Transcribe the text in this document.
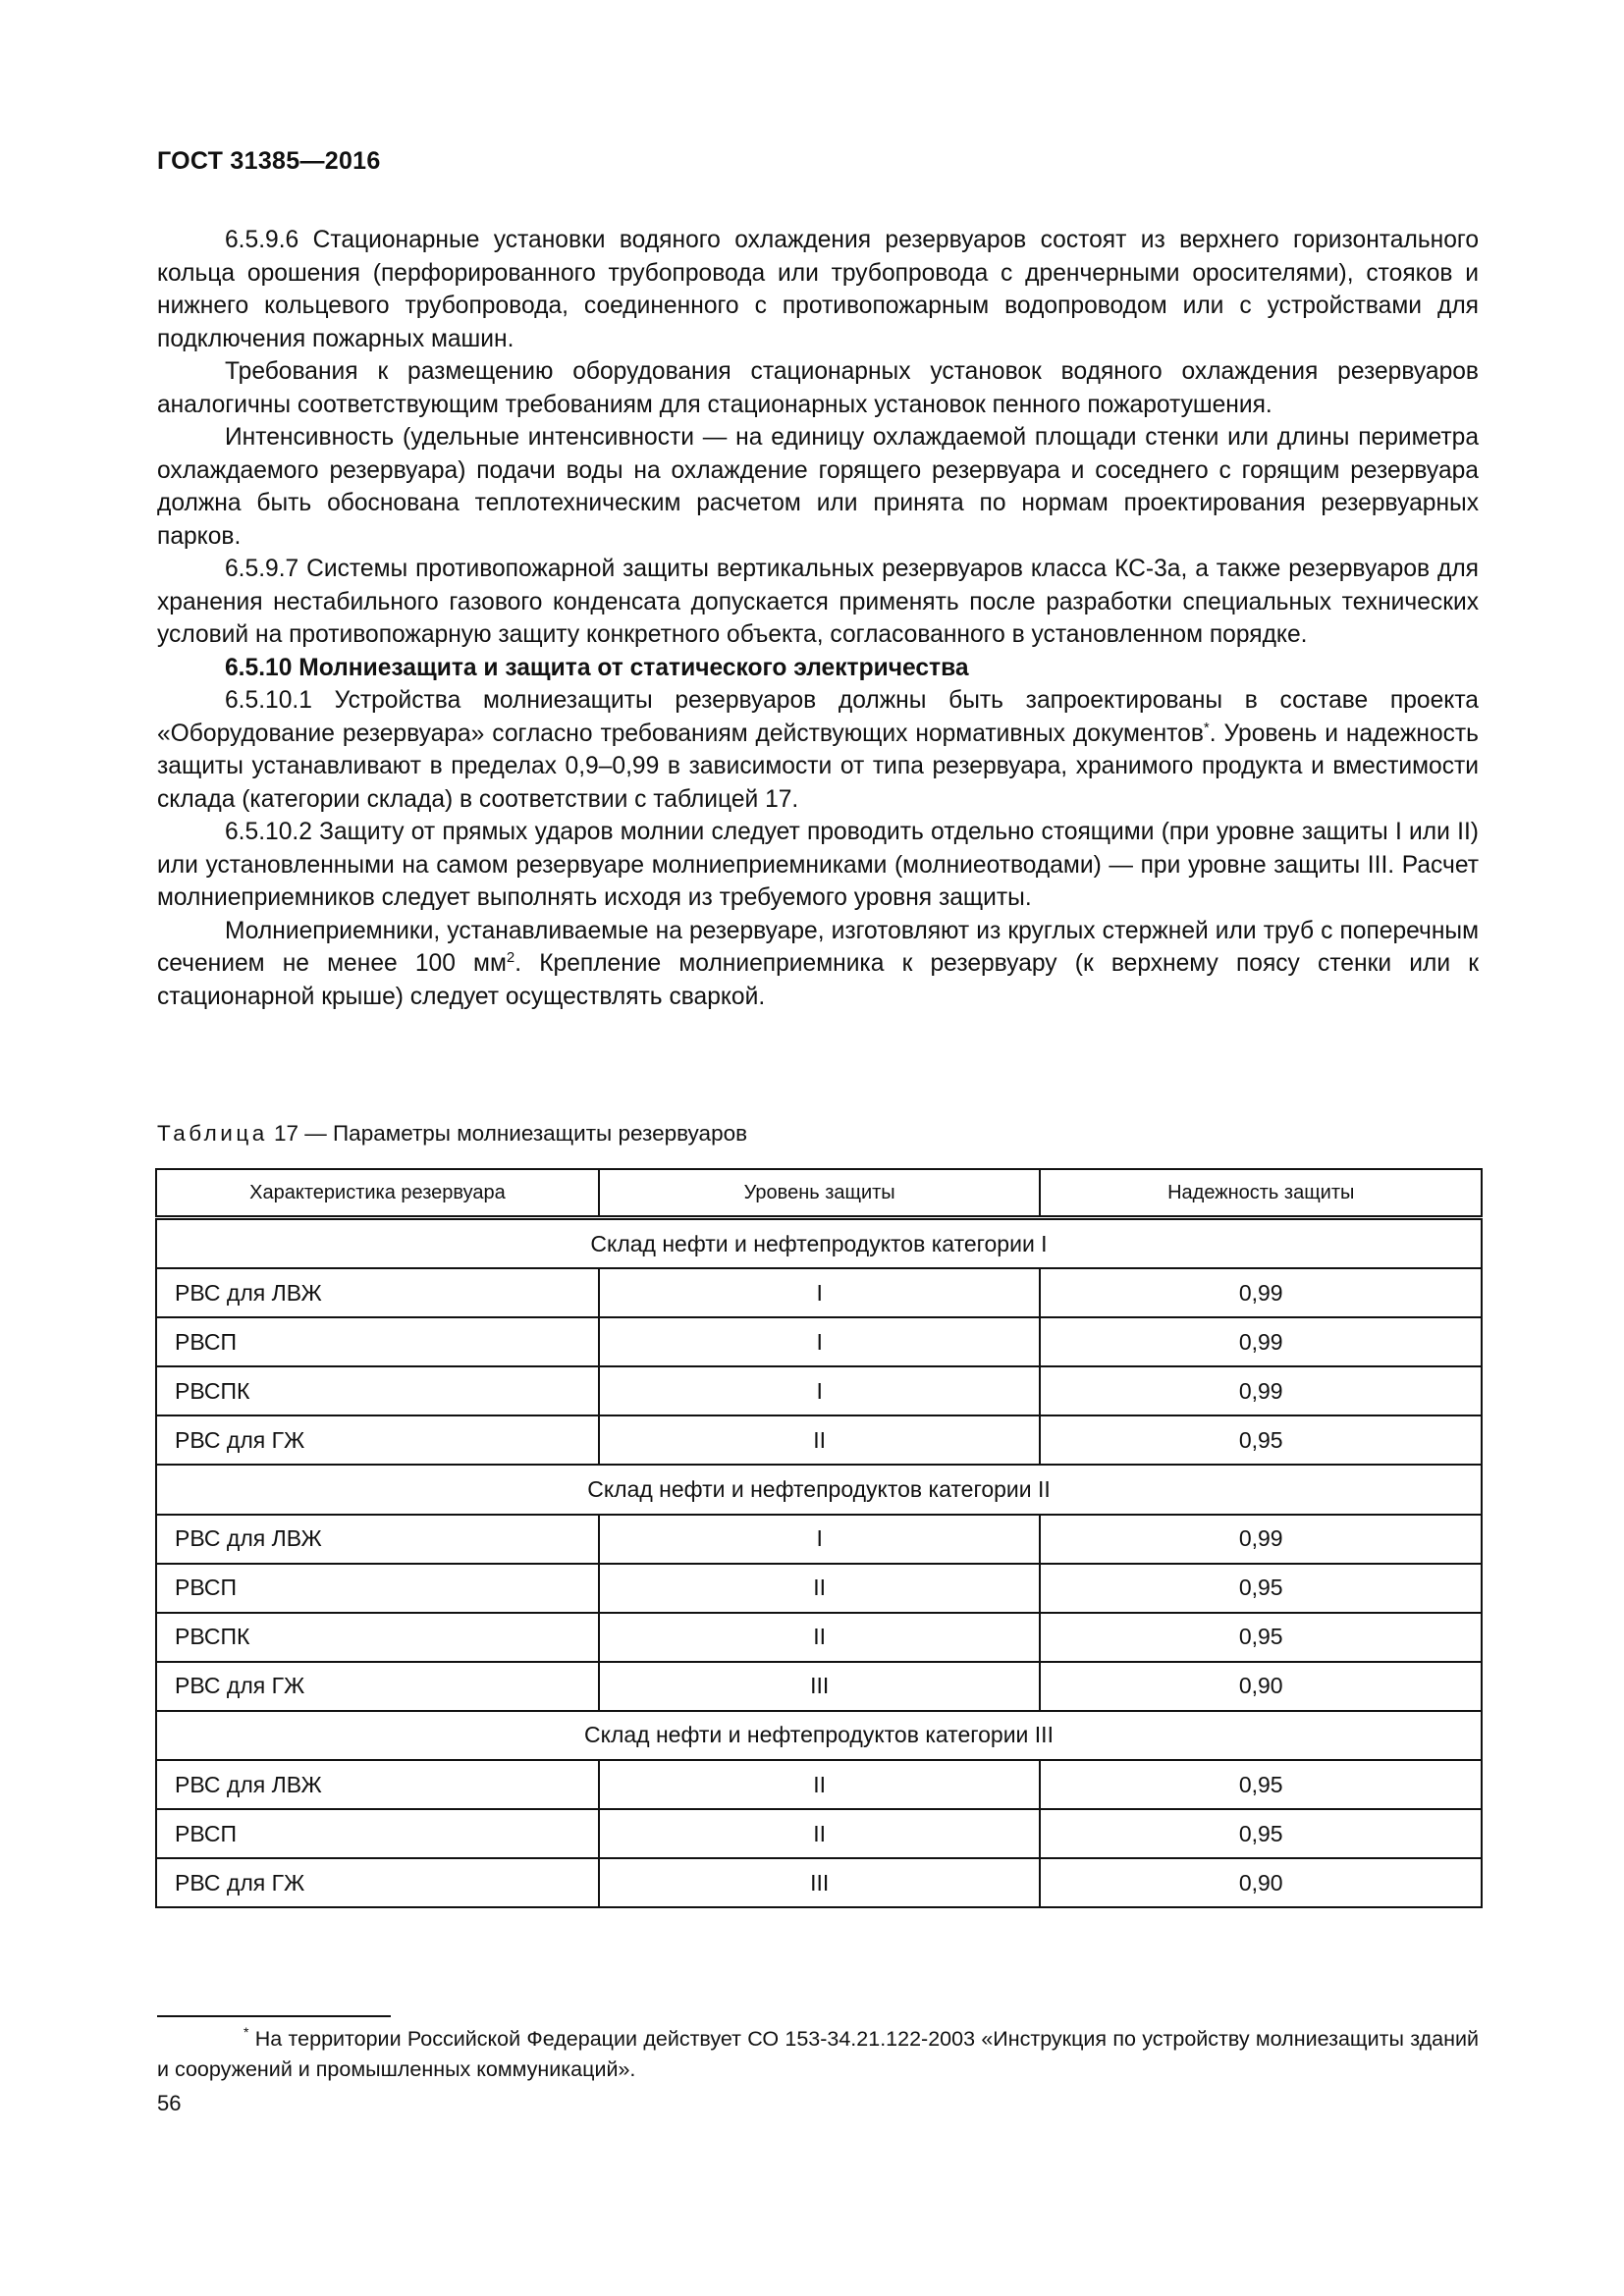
ГОСТ 31385—2016

6.5.9.6 Стационарные установки водяного охлаждения резервуаров состоят из верхнего горизонтального кольца орошения (перфорированного трубопровода или трубопровода с дренчерными оросителями), стояков и нижнего кольцевого трубопровода, соединенного с противопожарным водопроводом или с устройствами для подключения пожарных машин.

Требования к размещению оборудования стационарных установок водяного охлаждения резервуаров аналогичны соответствующим требованиям для стационарных установок пенного пожаротушения.

Интенсивность (удельные интенсивности — на единицу охлаждаемой площади стенки или длины периметра охлаждаемого резервуара) подачи воды на охлаждение горящего резервуара и соседнего с горящим резервуара должна быть обоснована теплотехническим расчетом или принята по нормам проектирования резервуарных парков.

6.5.9.7 Системы противопожарной защиты вертикальных резервуаров класса КС-3а, а также резервуаров для хранения нестабильного газового конденсата допускается применять после разработки специальных технических условий на противопожарную защиту конкретного объекта, согласованного в установленном порядке.

6.5.10 Молниезащита и защита от статического электричества

6.5.10.1 Устройства молниезащиты резервуаров должны быть запроектированы в составе проекта «Оборудование резервуара» согласно требованиям действующих нормативных документов*. Уровень и надежность защиты устанавливают в пределах 0,9–0,99 в зависимости от типа резервуара, хранимого продукта и вместимости склада (категории склада) в соответствии с таблицей 17.

6.5.10.2 Защиту от прямых ударов молнии следует проводить отдельно стоящими (при уровне защиты I или II) или установленными на самом резервуаре молниеприемниками (молниеотводами) — при уровне защиты III. Расчет молниеприемников следует выполнять исходя из требуемого уровня защиты.

Молниеприемники, устанавливаемые на резервуаре, изготовляют из круглых стержней или труб с поперечным сечением не менее 100 $мм^2$. Крепление молниеприемника к резервуару (к верхнему поясу стенки или к стационарной крыше) следует осуществлять сваркой.

Таблица 17 — Параметры молниезащиты резервуаров
Характеристика резервуара	Уровень защиты	Надежность защиты
Склад нефти и нефтепродуктов категории I		
РВС для ЛВЖ	I	0,99
РВСП	I	0,99
РВСПК	I	0,99
РВС для ГЖ	II	0,95
Склад нефти и нефтепродуктов категории II		
РВС для ЛВЖ	I	0,99
РВСП	II	0,95
РВСПК	II	0,95
РВС для ГЖ	III	0,90
Склад нефти и нефтепродуктов категории III		
РВС для ЛВЖ	II	0,95
РВСП	II	0,95
РВС для ГЖ	III	0,90
* На территории Российской Федерации действует СО 153-34.21.122-2003 «Инструкция по устройству молниезащиты зданий и сооружений и промышленных коммуникаций».
56
